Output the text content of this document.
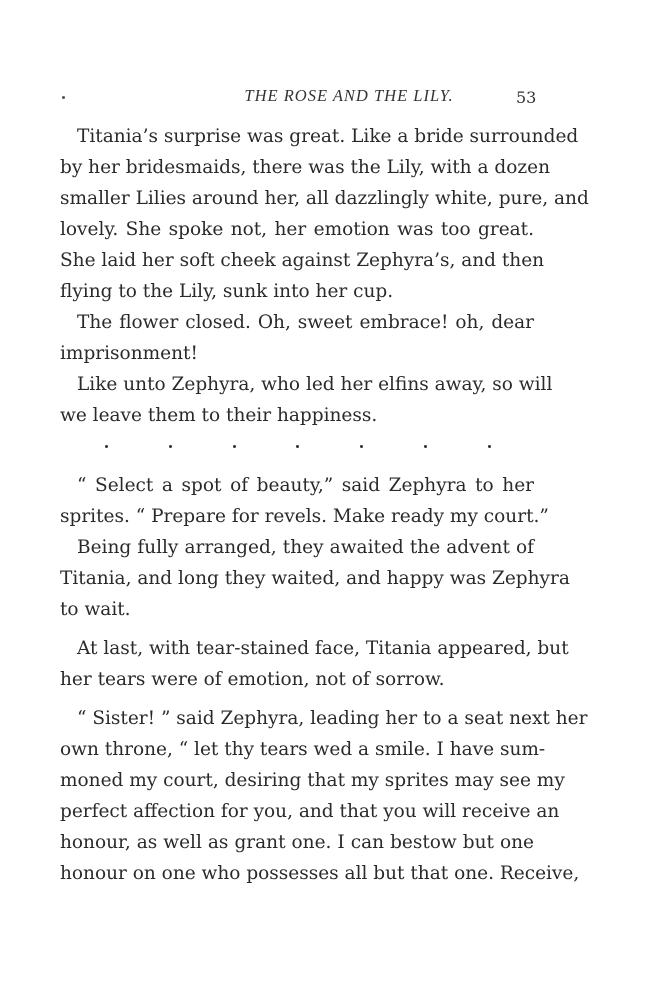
THE ROSE AND THE LILY.	53
Titania’s surprise was great. Like a bride surrounded
by her bridesmaids, there was the Lily, with a dozen
smaller Lilies around her, all dazzlingly white, pure, and
lovely. She spoke not, her emotion was too great.
She laid her soft cheek against Zephyra’s, and then
flying to the Lily, sunk into her cup.
The flower closed. Oh, sweet embrace! oh, dear
imprisonment!
Like unto Zephyra, who led her elfins away, so will
we leave them to their happiness.
“ Select a spot of beauty,” said Zephyra to her
sprites. “ Prepare for revels. Make ready my court.”
Being fully arranged, they awaited the advent of
Titania, and long they waited, and happy was Zephyra
to wait.
At last, with tear-stained face, Titania appeared, but
her tears were of emotion, not of sorrow.
“ Sister! ” said Zephyra, leading her to a seat next her
own throne, “ let thy tears wed a smile. I have sum-
moned my court, desiring that my sprites may see my
perfect affection for you, and that you will receive an
honour, as well as grant one. I can bestow but one
honour on one who possesses all but that one. Receive,
